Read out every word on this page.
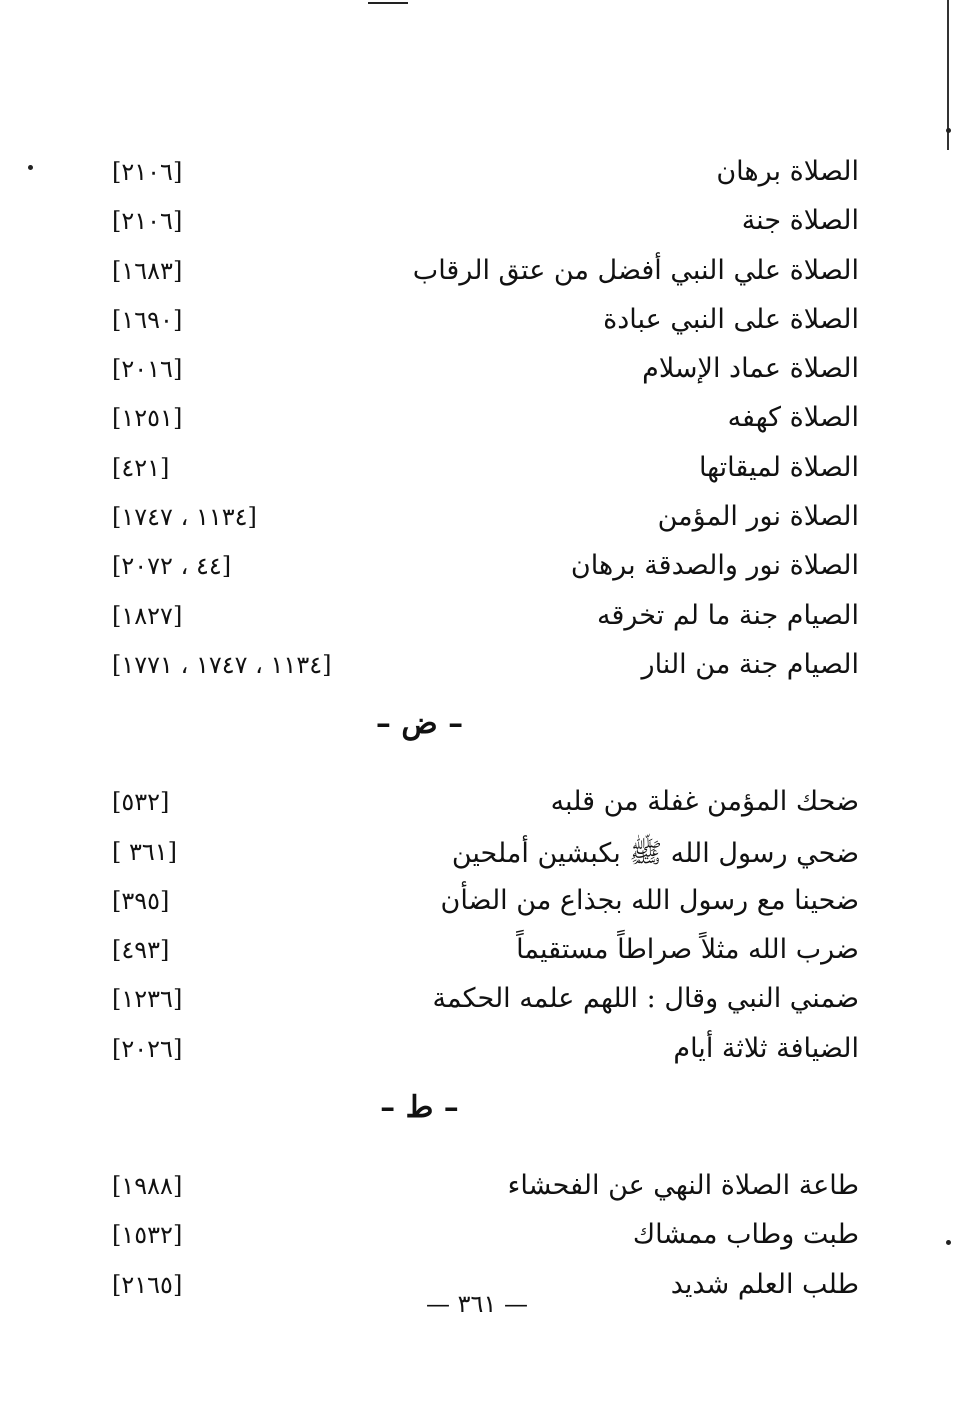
الصلاة برهان
[٢١٠٦]
الصلاة جنة
[٢١٠٦]
الصلاة علي النبي أفضل من عتق الرقاب
[١٦٨٣]
الصلاة على النبي عبادة
[١٦٩٠]
الصلاة عماد الإسلام
[٢٠١٦]
الصلاة كهفه
[١٢٥١]
الصلاة لميقاتها
[٤٢١]
الصلاة نور المؤمن
[١١٣٤ ، ١٧٤٧]
الصلاة نور والصدقة برهان
[٤٤ ، ٢٠٧٢]
الصيام جنة ما لم تخرقه
[١٨٢٧]
الصيام جنة من النار
[١١٣٤ ، ١٧٤٧ ، ١٧٧١]
– ض –
ضحك المؤمن غفلة من قلبه
[٥٣٢]
ضحي رسول الله ﷺ بكبشين أملحين
[ ٣٦١]
ضحينا مع رسول الله بجذاع من الضأن
[٣٩٥]
ضرب الله مثلاً صراطاً مستقيماً
[٤٩٣]
ضمني النبي وقال : اللهم علمه الحكمة
[١٢٣٦]
الضيافة ثلاثة أيام
[٢٠٢٦]
– ط –
طاعة الصلاة النهي عن الفحشاء
[١٩٨٨]
طبت وطاب ممشاك
[١٥٣٢]
طلب العلم شديد
[٢١٦٥]
— ٣٦١ —
